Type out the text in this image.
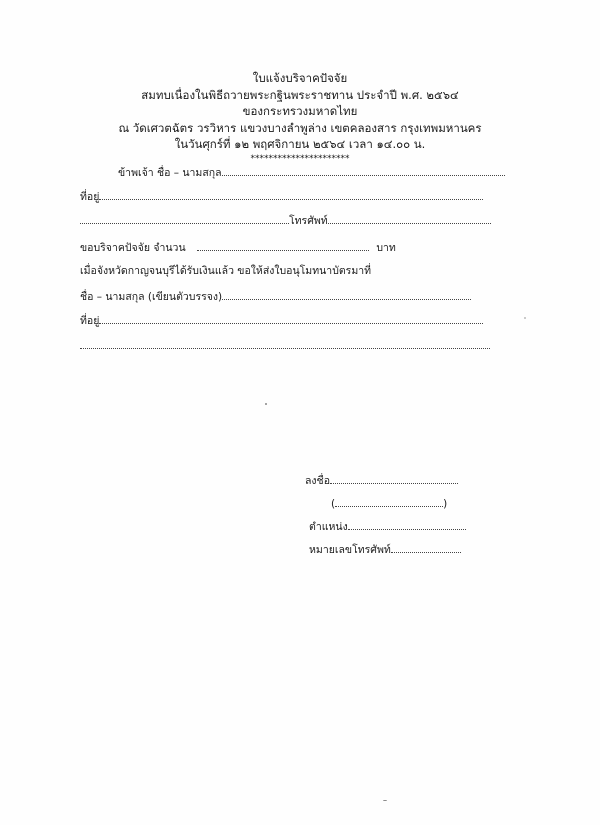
ใบแจ้งบริจาคปัจจัย
สมทบเนื่องในพิธีถวายพระกฐินพระราชทาน ประจำปี พ.ศ. ๒๕๖๔
ของกระทรวงมหาดไทย
ณ วัดเศวตฉัตร วรวิหาร แขวงบางลำพูล่าง เขตคลองสาร กรุงเทพมหานคร
ในวันศุกร์ที่ ๑๒ พฤศจิกายน ๒๕๖๔ เวลา ๑๔.๐๐ น.
**********************
ข้าพเจ้า ชื่อ – นามสกุล
ที่อยู่
โทรศัพท์
ขอบริจาคปัจจัย จำนวน	บาท
เมื่อจังหวัดกาญจนบุรีได้รับเงินแล้ว ขอให้ส่งใบอนุโมทนาบัตรมาที่
ชื่อ – นามสกุล (เขียนตัวบรรจง)
ที่อยู่
ลงชื่อ
(	)
ตำแหน่ง
หมายเลขโทรศัพท์
